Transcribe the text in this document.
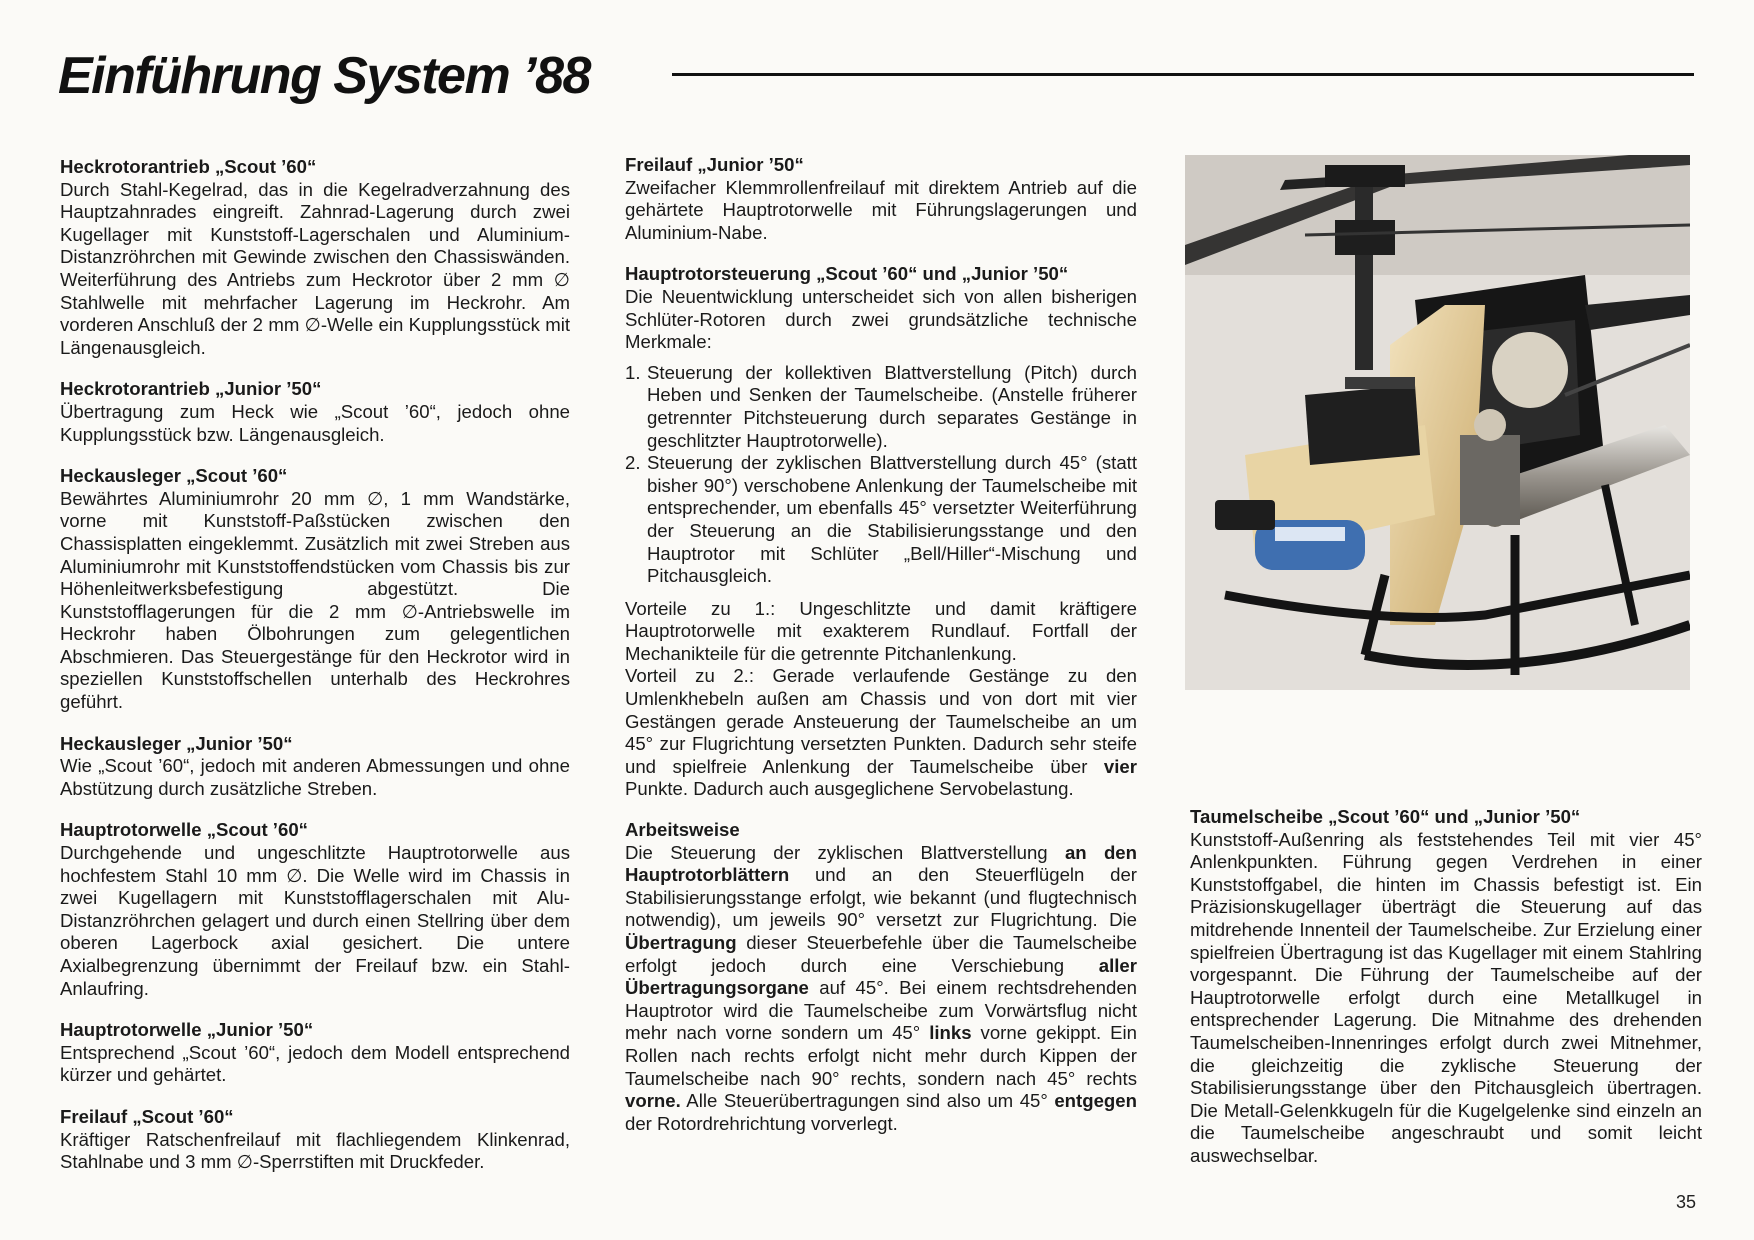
Einführung System ’88

Heckrotorantrieb „Scout ’60“

Durch Stahl-Kegelrad, das in die Kegelradverzahnung des Hauptzahnrades eingreift. Zahnrad-Lagerung durch zwei Kugellager mit Kunststoff-Lagerschalen und Aluminium-Distanzröhrchen mit Gewinde zwischen den Chassiswänden. Weiterführung des Antriebs zum Heckrotor über 2 mm ∅ Stahlwelle mit mehrfacher Lagerung im Heckrohr. Am vorderen Anschluß der 2 mm ∅-Welle ein Kupplungsstück mit Längenausgleich.

Heckrotorantrieb „Junior ’50“

Übertragung zum Heck wie „Scout ’60“, jedoch ohne Kupplungsstück bzw. Längenausgleich.

Heckausleger „Scout ’60“

Bewährtes Aluminiumrohr 20 mm ∅, 1 mm Wandstärke, vorne mit Kunststoff-Paßstücken zwischen den Chassisplatten eingeklemmt. Zusätzlich mit zwei Streben aus Aluminiumrohr mit Kunststoffendstücken vom Chassis bis zur Höhenleitwerksbefestigung abgestützt. Die Kunststofflagerungen für die 2 mm ∅-Antriebswelle im Heckrohr haben Ölbohrungen zum gelegentlichen Abschmieren. Das Steuergestänge für den Heckrotor wird in speziellen Kunststoffschellen unterhalb des Heckrohres geführt.

Heckausleger „Junior ’50“

Wie „Scout ’60“, jedoch mit anderen Abmessungen und ohne Abstützung durch zusätzliche Streben.

Hauptrotorwelle „Scout ’60“

Durchgehende und ungeschlitzte Hauptrotorwelle aus hochfestem Stahl 10 mm ∅. Die Welle wird im Chassis in zwei Kugellagern mit Kunststofflagerschalen mit Alu-Distanzröhrchen gelagert und durch einen Stellring über dem oberen Lagerbock axial gesichert. Die untere Axialbegrenzung übernimmt der Freilauf bzw. ein Stahl-Anlaufring.

Hauptrotorwelle „Junior ’50“

Entsprechend „Scout ’60“, jedoch dem Modell entsprechend kürzer und gehärtet.

Freilauf „Scout ’60“

Kräftiger Ratschenfreilauf mit flachliegendem Klinkenrad, Stahlnabe und 3 mm ∅-Sperrstiften mit Druckfeder.

Freilauf „Junior ’50“

Zweifacher Klemmrollenfreilauf mit direktem Antrieb auf die gehärtete Hauptrotorwelle mit Führungslagerungen und Aluminium-Nabe.

Hauptrotorsteuerung „Scout ’60“ und „Junior ’50“

Die Neuentwicklung unterscheidet sich von allen bisherigen Schlüter-Rotoren durch zwei grundsätzliche technische Merkmale:

1. Steuerung der kollektiven Blattverstellung (Pitch) durch Heben und Senken der Taumelscheibe. (Anstelle früherer getrennter Pitchsteuerung durch separates Gestänge in geschlitzter Hauptrotorwelle).
2. Steuerung der zyklischen Blattverstellung durch 45° (statt bisher 90°) verschobene Anlenkung der Taumelscheibe mit entsprechender, um ebenfalls 45° versetzter Weiterführung der Steuerung an die Stabilisierungsstange und den Hauptrotor mit Schlüter „Bell/Hiller“-Mischung und Pitchausgleich.

Vorteile zu 1.: Ungeschlitzte und damit kräftigere Hauptrotorwelle mit exakterem Rundlauf. Fortfall der Mechanikteile für die getrennte Pitchanlenkung.

Vorteil zu 2.: Gerade verlaufende Gestänge zu den Umlenkhebeln außen am Chassis und von dort mit vier Gestängen gerade Ansteuerung der Taumelscheibe an um 45° zur Flugrichtung versetzten Punkten. Dadurch sehr steife und spielfreie Anlenkung der Taumelscheibe über vier Punkte. Dadurch auch ausgeglichene Servobelastung.

Arbeitsweise

Die Steuerung der zyklischen Blattverstellung an den Hauptrotorblättern und an den Steuerflügeln der Stabilisierungsstange erfolgt, wie bekannt (und flugtechnisch notwendig), um jeweils 90° versetzt zur Flugrichtung. Die Übertragung dieser Steuerbefehle über die Taumelscheibe erfolgt jedoch durch eine Verschiebung aller Übertragungsorgane auf 45°. Bei einem rechtsdrehenden Hauptrotor wird die Taumelscheibe zum Vorwärtsflug nicht mehr nach vorne sondern um 45° links vorne gekippt. Ein Rollen nach rechts erfolgt nicht mehr durch Kippen der Taumelscheibe nach 90° rechts, sondern nach 45° rechts vorne. Alle Steuerübertragungen sind also um 45° entgegen der Rotordrehrichtung vorverlegt.

Taumelscheibe „Scout ’60“ und „Junior ’50“

Kunststoff-Außenring als feststehendes Teil mit vier 45° Anlenkpunkten. Führung gegen Verdrehen in einer Kunststoffgabel, die hinten im Chassis befestigt ist. Ein Präzisionskugellager überträgt die Steuerung auf das mitdrehende Innenteil der Taumelscheibe. Zur Erzielung einer spielfreien Übertragung ist das Kugellager mit einem Stahlring vorgespannt. Die Führung der Taumelscheibe auf der Hauptrotorwelle erfolgt durch eine Metallkugel in entsprechender Lagerung. Die Mitnahme des drehenden Taumelscheiben-Innenringes erfolgt durch zwei Mitnehmer, die gleichzeitig die zyklische Steuerung der Stabilisierungsstange über den Pitchausgleich übertragen. Die Metall-Gelenkkugeln für die Kugelgelenke sind einzeln an die Taumelscheibe angeschraubt und somit leicht auswechselbar.

35
